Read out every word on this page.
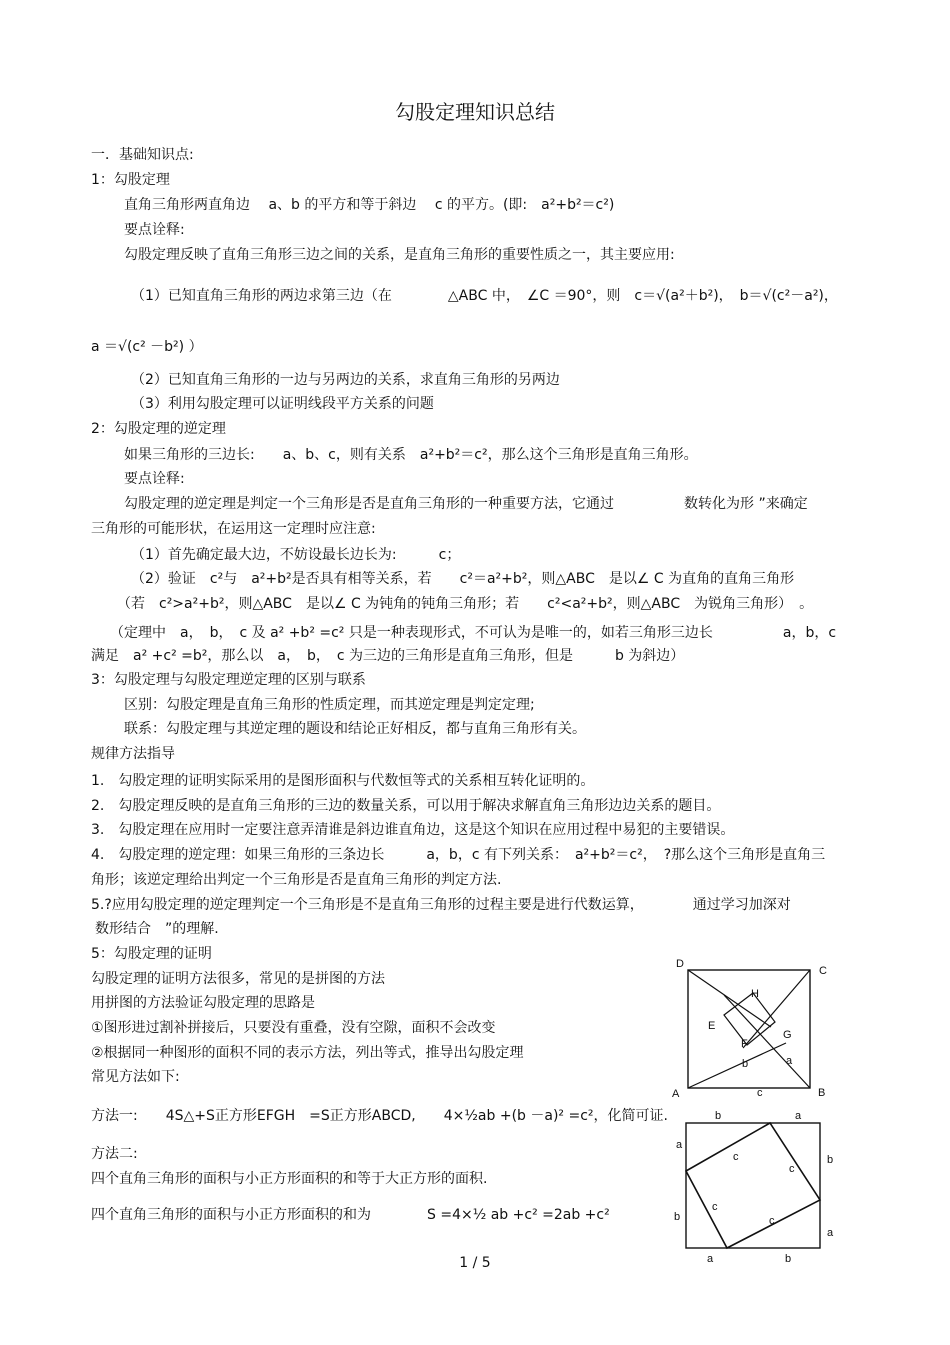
勾股定理知识总结
一．基础知识点:
1：勾股定理
直角三角形两直角边　 a、b 的平方和等于斜边　 c 的平方。(即:　a²+b²＝c²)
要点诠释:
勾股定理反映了直角三角形三边之间的关系，是直角三角形的重要性质之一，其主要应用:
（1）已知直角三角形的两边求第三边（在　　　　△ABC 中，　∠C ＝90°，则　c＝√(a²＋b²)，　b＝√(c²－a²)，
a ＝√(c² －b²) ）
（2）已知直角三角形的一边与另两边的关系，求直角三角形的另两边
（3）利用勾股定理可以证明线段平方关系的问题
2：勾股定理的逆定理
如果三角形的三边长:　　a、b、c，则有关系　a²+b²＝c²，那么这个三角形是直角三角形。
要点诠释:
勾股定理的逆定理是判定一个三角形是否是直角三角形的一种重要方法，它通过　　　　　数转化为形 ”来确定
三角形的可能形状，在运用这一定理时应注意:
（1）首先确定最大边，不妨设最长边长为:　　　c；
（2）验证　c²与　a²+b²是否具有相等关系，若　　c²＝a²+b²，则△ABC　是以∠ C 为直角的直角三角形
（若　c²>a²+b²，则△ABC　是以∠ C 为钝角的钝角三角形；若　　c²<a²+b²，则△ABC　为锐角三角形）　。
（定理中　a，　b，　c 及 a² +b² =c² 只是一种表现形式，不可认为是唯一的，如若三角形三边长　　　　　a，b，c
满足　a² +c² =b²，那么以　a，　b，　c 为三边的三角形是直角三角形，但是　　　b 为斜边）
3：勾股定理与勾股定理逆定理的区别与联系
区别：勾股定理是直角三角形的性质定理，而其逆定理是判定定理;
联系：勾股定理与其逆定理的题设和结论正好相反，都与直角三角形有关。
规律方法指导
1.　勾股定理的证明实际采用的是图形面积与代数恒等式的关系相互转化证明的。
2.　勾股定理反映的是直角三角形的三边的数量关系，可以用于解决求解直角三角形边边关系的题目。
3.　勾股定理在应用时一定要注意弄清谁是斜边谁直角边，这是这个知识在应用过程中易犯的主要错误。
4.　勾股定理的逆定理：如果三角形的三条边长　　　a，b，c 有下列关系：　a²+b²＝c²，　?那么这个三角形是直角三
角形；该逆定理给出判定一个三角形是否是直角三角形的判定方法.
5.?应用勾股定理的逆定理判定一个三角形是不是直角三角形的过程主要是进行代数运算，　　　　通过学习加深对
数形结合　”的理解.
5：勾股定理的证明
勾股定理的证明方法很多，常见的是拼图的方法
用拼图的方法验证勾股定理的思路是
①图形进过割补拼接后，只要没有重叠，没有空隙，面积不会改变
②根据同一种图形的面积不同的表示方法，列出等式，推导出勾股定理
常见方法如下:
方法一:　　4S△+S正方形EFGH　=S正方形ABCD,　　4×½ab +(b －a)² =c²，化简可证.
方法二:
四个直角三角形的面积与小正方形面积的和等于大正方形的面积.
四个直角三角形的面积与小正方形面积的和为　　　　S =4×½ ab +c² =2ab +c²
D
C
H
E
G
F
b	a
A	c	B
b	a
a
c
c
b
c
b	c
a
a	b
1 / 5
